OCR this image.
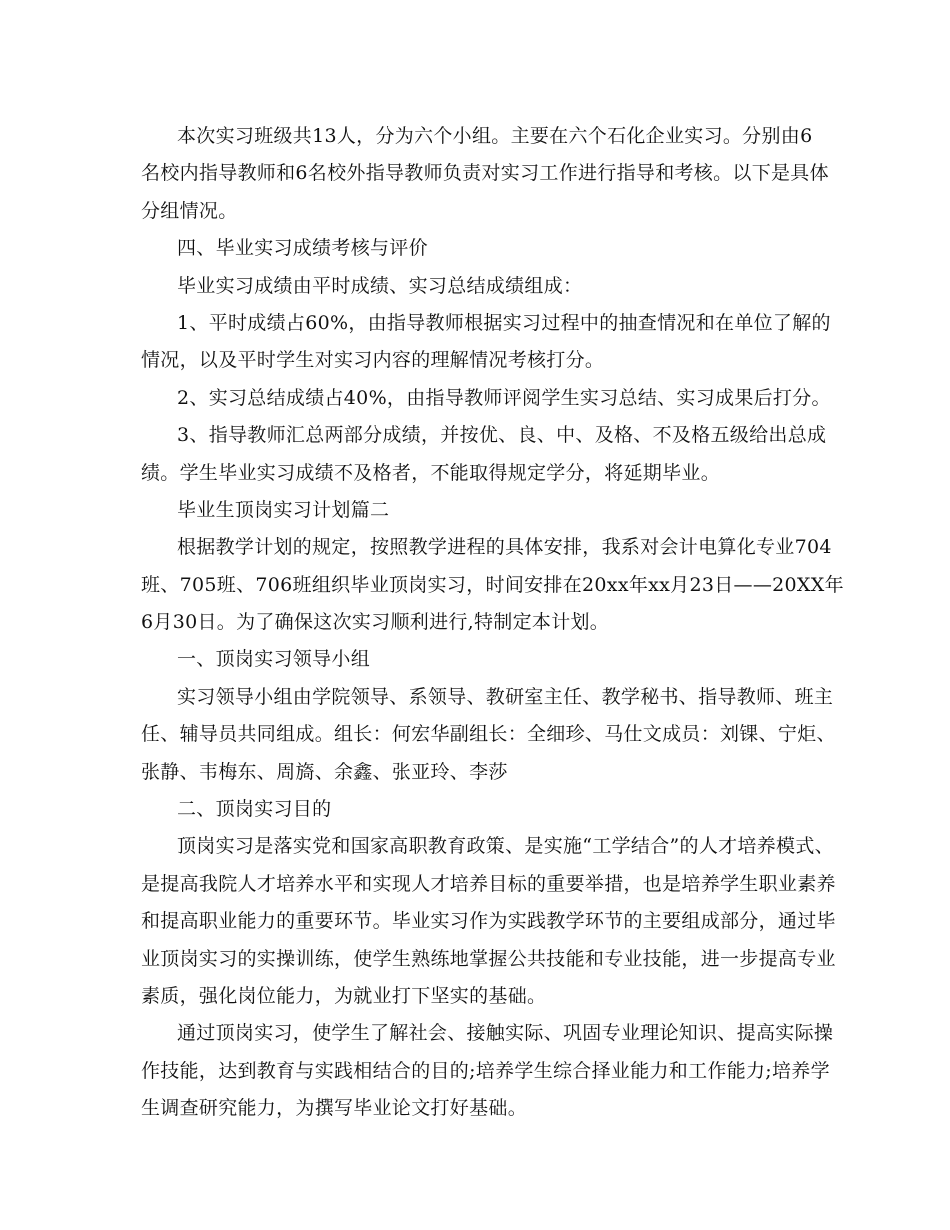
本次实习班级共13人，分为六个小组。主要在六个石化企业实习。分别由6
名校内指导教师和6名校外指导教师负责对实习工作进行指导和考核。以下是具体
分组情况。
四、毕业实习成绩考核与评价
毕业实习成绩由平时成绩、实习总结成绩组成：
1、平时成绩占60%，由指导教师根据实习过程中的抽查情况和在单位了解的
情况，以及平时学生对实习内容的理解情况考核打分。
2、实习总结成绩占40%，由指导教师评阅学生实习总结、实习成果后打分。
3、指导教师汇总两部分成绩，并按优、良、中、及格、不及格五级给出总成
绩。学生毕业实习成绩不及格者，不能取得规定学分，将延期毕业。
毕业生顶岗实习计划篇二
根据教学计划的规定，按照教学进程的具体安排，我系对会计电算化专业704
班、705班、706班组织毕业顶岗实习，时间安排在20xx年xx月23日——20XX年
6月30日。为了确保这次实习顺利进行,特制定本计划。
一、顶岗实习领导小组
实习领导小组由学院领导、系领导、教研室主任、教学秘书、指导教师、班主
任、辅导员共同组成。组长：何宏华副组长：全细珍、马仕文成员：刘锞、宁炬、
张静、韦梅东、周旖、余鑫、张亚玲、李莎
二、顶岗实习目的
顶岗实习是落实党和国家高职教育政策、是实施“工学结合”的人才培养模式、
是提高我院人才培养水平和实现人才培养目标的重要举措，也是培养学生职业素养
和提高职业能力的重要环节。毕业实习作为实践教学环节的主要组成部分，通过毕
业顶岗实习的实操训练，使学生熟练地掌握公共技能和专业技能，进一步提高专业
素质，强化岗位能力，为就业打下坚实的基础。
通过顶岗实习，使学生了解社会、接触实际、巩固专业理论知识、提高实际操
作技能，达到教育与实践相结合的目的;培养学生综合择业能力和工作能力;培养学
生调查研究能力，为撰写毕业论文打好基础。
